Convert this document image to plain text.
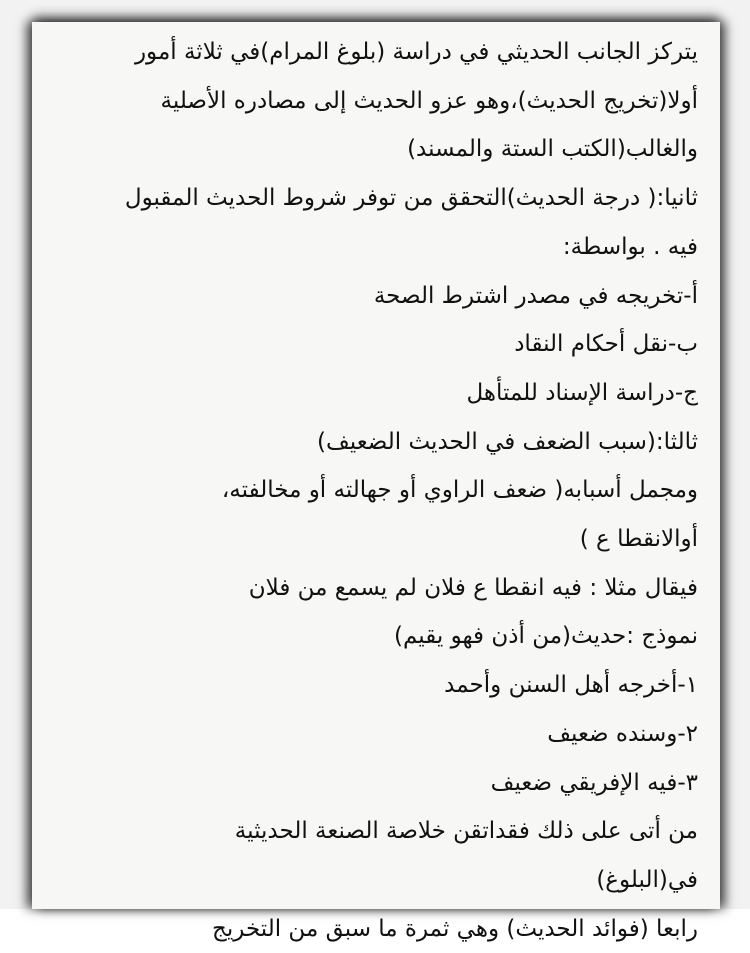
يتركز الجانب الحديثي في دراسة (بلوغ المرام)في ثلاثة أمور
أولا(تخريج الحديث)،وهو عزو الحديث إلى مصادره الأصلية
والغالب(الكتب الستة والمسند)
ثانيا:( درجة الحديث)التحقق من توفر شروط الحديث المقبول
فيه . بواسطة:
أ-تخريجه في مصدر اشترط الصحة
ب-نقل أحكام النقاد
ج-دراسة الإسناد للمتأهل
ثالثا:(سبب الضعف في الحديث الضعيف)
ومجمل أسبابه( ضعف الراوي أو جهالته أو مخالفته،
أوالانقطا ع )
فيقال مثلا : فيه انقطا ع فلان لم يسمع من فلان
نموذج :حديث(من أذن فهو يقيم)
١-أخرجه أهل السنن وأحمد
٢-وسنده ضعيف
٣-فيه الإفريقي ضعيف
من أتى على ذلك فقداتقن خلاصة الصنعة الحديثية
في(البلوغ)
رابعا (فوائد الحديث) وهي ثمرة ما سبق من التخريج
